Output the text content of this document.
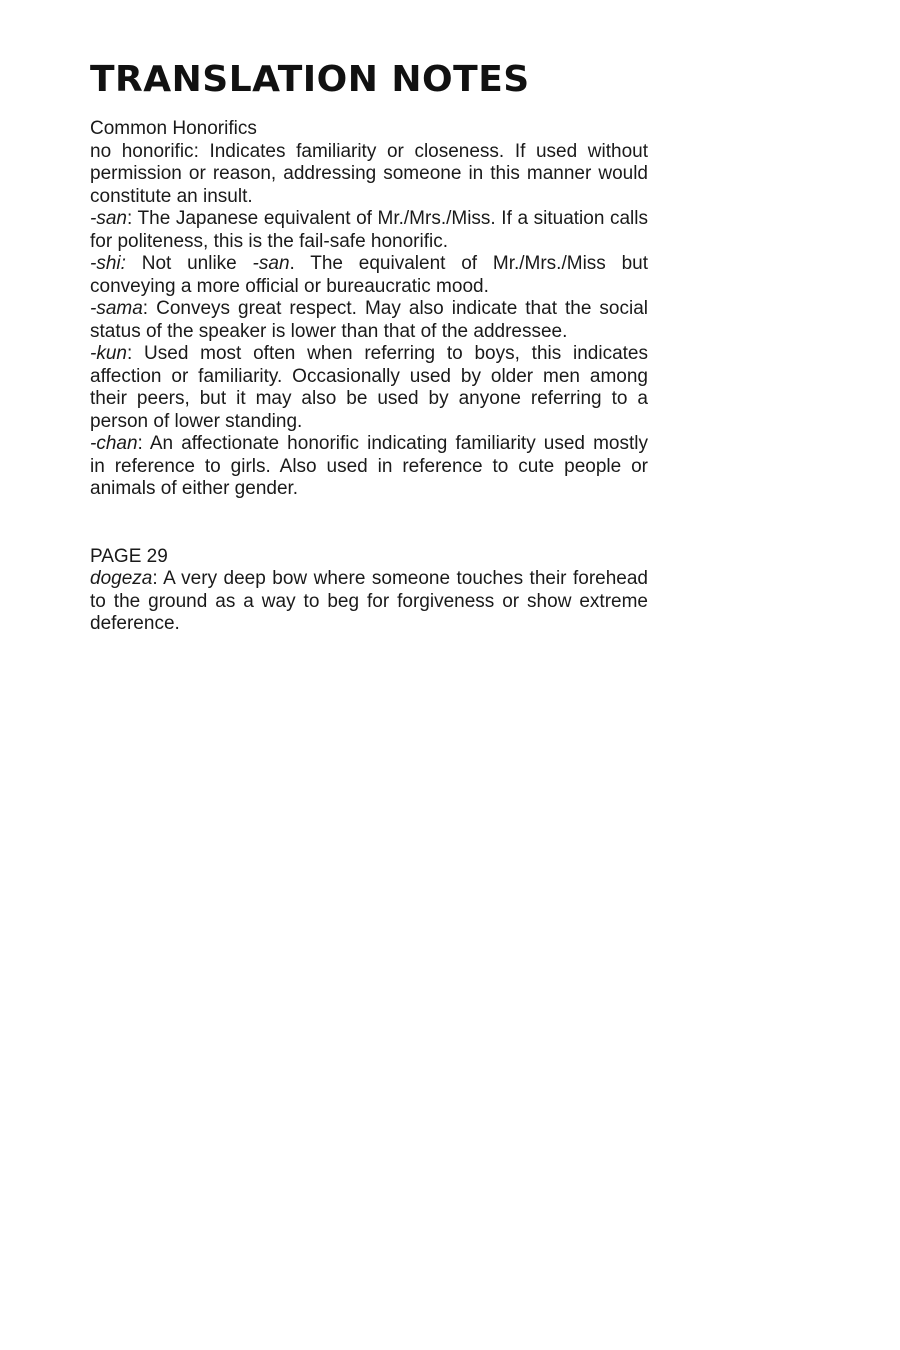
TRANSLATION NOTES

Common Honorifics

no honorific: Indicates familiarity or closeness. If used without permission or reason, addressing someone in this manner would constitute an insult.

-san: The Japanese equivalent of Mr./Mrs./Miss. If a situation calls for politeness, this is the fail-safe honorific.

-shi: Not unlike -san. The equivalent of Mr./Mrs./Miss but conveying a more official or bureaucratic mood.

-sama: Conveys great respect. May also indicate that the social status of the speaker is lower than that of the addressee.

-kun: Used most often when referring to boys, this indicates affection or familiarity. Occasionally used by older men among their peers, but it may also be used by anyone referring to a person of lower standing.

-chan: An affectionate honorific indicating familiarity used mostly in reference to girls. Also used in reference to cute people or animals of either gender.

PAGE 29

dogeza: A very deep bow where someone touches their forehead to the ground as a way to beg for forgiveness or show extreme deference.
